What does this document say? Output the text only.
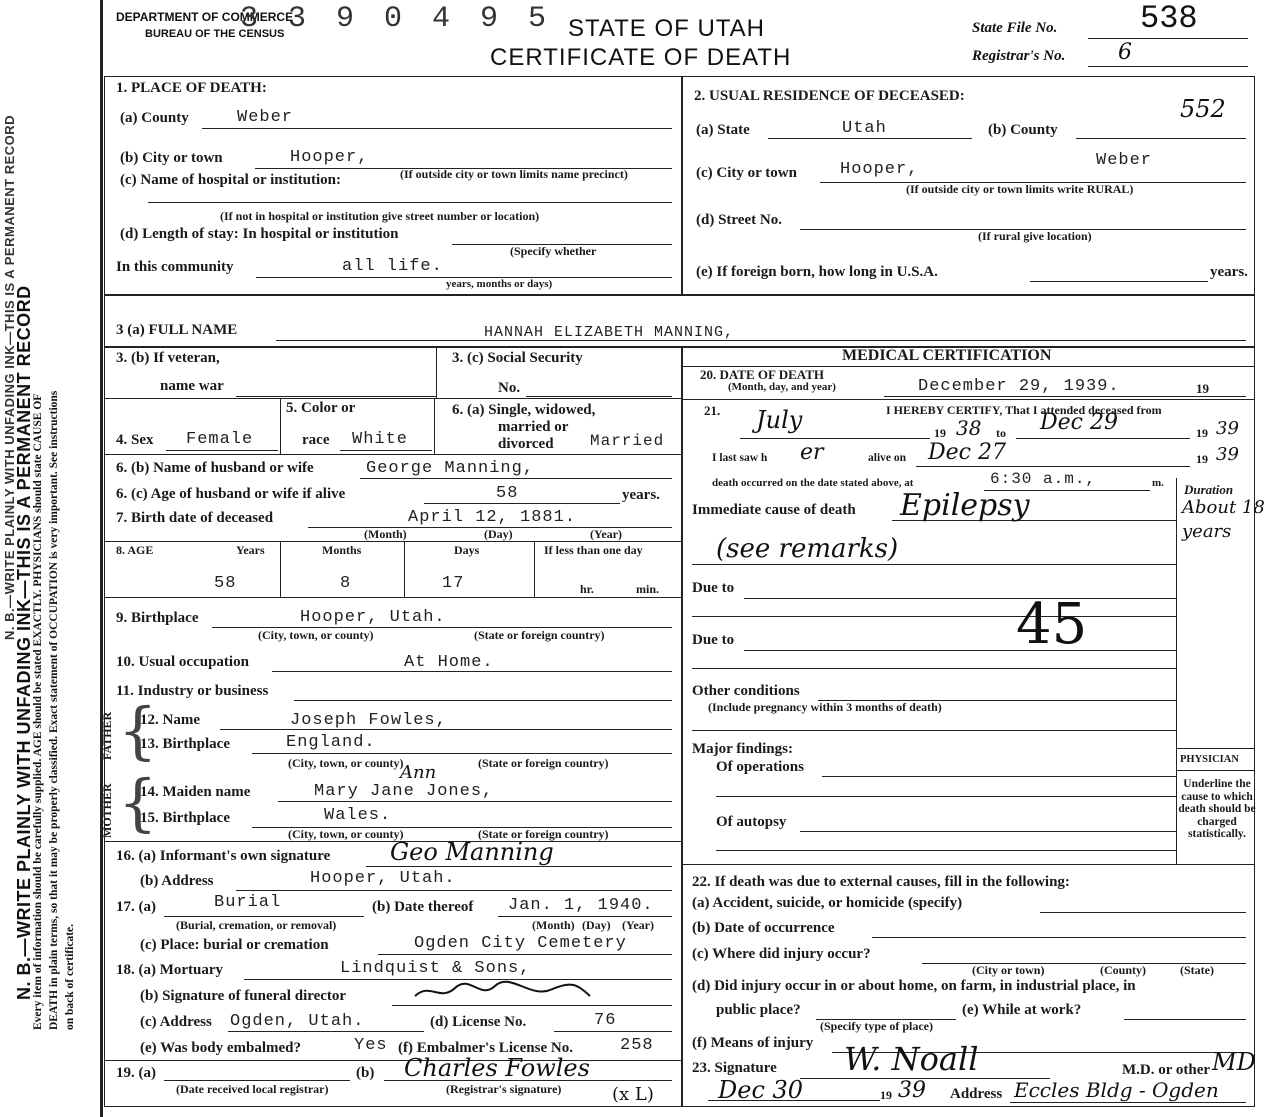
N. B.—WRITE PLAINLY WITH UNFADING INK—THIS IS A PERMANENT RECORD
N. B.—WRITE PLAINLY WITH UNFADING INK—THIS IS A PERMANENT RECORD
Every item of information should be carefully supplied. AGE should be stated EXACTLY. PHYSICIANS should state CAUSE OF DEATH in plain terms, so that it may be properly classified. Exact statement of OCCUPATION is very important. See instructions on back of certificate.
DEPARTMENT OF COMMERCE
BUREAU OF THE CENSUS
3 3 9 0 4 9 5 STATE OF UTAH
CERTIFICATE OF DEATH
State File No.	538
Registrar's No. 6
552
1. PLACE OF DEATH:
(a) County	Weber
(b) City or town	Hooper,
(c) Name of hospital or institution:	(If outside city or town limits name precinct)
(If not in hospital or institution give street number or location)
(d) Length of stay: In hospital or institution
(Specify whether
In this community	all life.
years, months or days)
2. USUAL RESIDENCE OF DECEASED:
(a) State	Utah	(b) County
(c) City or town	Hooper,	Weber
(If outside city or town limits write RURAL)
(d) Street No.
(If rural give location)
(e) If foreign born, how long in U.S.A.	years.
3 (a) FULL NAME	HANNAH ELIZABETH MANNING,
3. (b) If veteran,
name war
3. (c) Social Security
No.
4. Sex Female
5. Color or
race White
6. (a) Single, widowed,
married or
divorced Married
6. (b) Name of husband or wife	George Manning,
6. (c) Age of husband or wife if alive	58	years.
7. Birth date of deceased	April 12, 1881.
(Month)	(Day)	(Year)
8. AGE	Years	Months	Days	If less than one day
58	8	17	hr.	min.
9. Birthplace	Hooper, Utah.
(City, town, or county)	(State or foreign country)
10. Usual occupation	At Home.
11. Industry or business
FATHER
MOTHER
{
{
12. Name	Joseph Fowles,
13. Birthplace	England.
(City, town, or county)	(State or foreign country)
Ann
14. Maiden name	Mary Jane Jones,
15. Birthplace	Wales.
(City, town, or county)	(State or foreign country)
16. (a) Informant's own signature Geo Manning
(b) Address	Hooper, Utah.
17. (a)	Burial
(Burial, cremation, or removal)
(b) Date thereof Jan. 1, 1940.
(Month) (Day) (Year)
(c) Place: burial or cremation	Ogden City Cemetery
18. (a) Mortuary	Lindquist & Sons,
(b) Signature of funeral director
(c) Address Ogden, Utah.	(d) License No.	76
(e) Was body embalmed?	Yes (f) Embalmer's License No.	258
19. (a)
(Date received local registrar)
(b)
(Registrar's signature)
Charles Fowles
(x L)
MEDICAL CERTIFICATION
20. DATE OF DEATH
(Month, day, and year)	December 29, 1939.	19
21.	I HEREBY CERTIFY, That I attended deceased from
July	19 38 to Dec 29	19 39
I last saw h er	alive on Dec 27	19 39
death occurred on the date stated above, at	6:30 a.m.,	m. Duration
About 18 years
Immediate cause of death Epilepsy
(see remarks)
Due to
Due to	45
Other conditions
(Include pregnancy within 3 months of death)
Major findings:
Of operations
Of autopsy
PHYSICIAN
Underline the cause to which death should be charged statistically.
22. If death was due to external causes, fill in the following:
(a) Accident, suicide, or homicide (specify)
(b) Date of occurrence
(c) Where did injury occur?
(City or town)	(County)	(State)
(d) Did injury occur in or about home, on farm, in industrial place, in
public place?
(Specify type of place)
(e) While at work?
(f) Means of injury
23. Signature W. Noall	M.D. or other MD
Dec 30	19 39 Address Eccles Bldg - Ogden
